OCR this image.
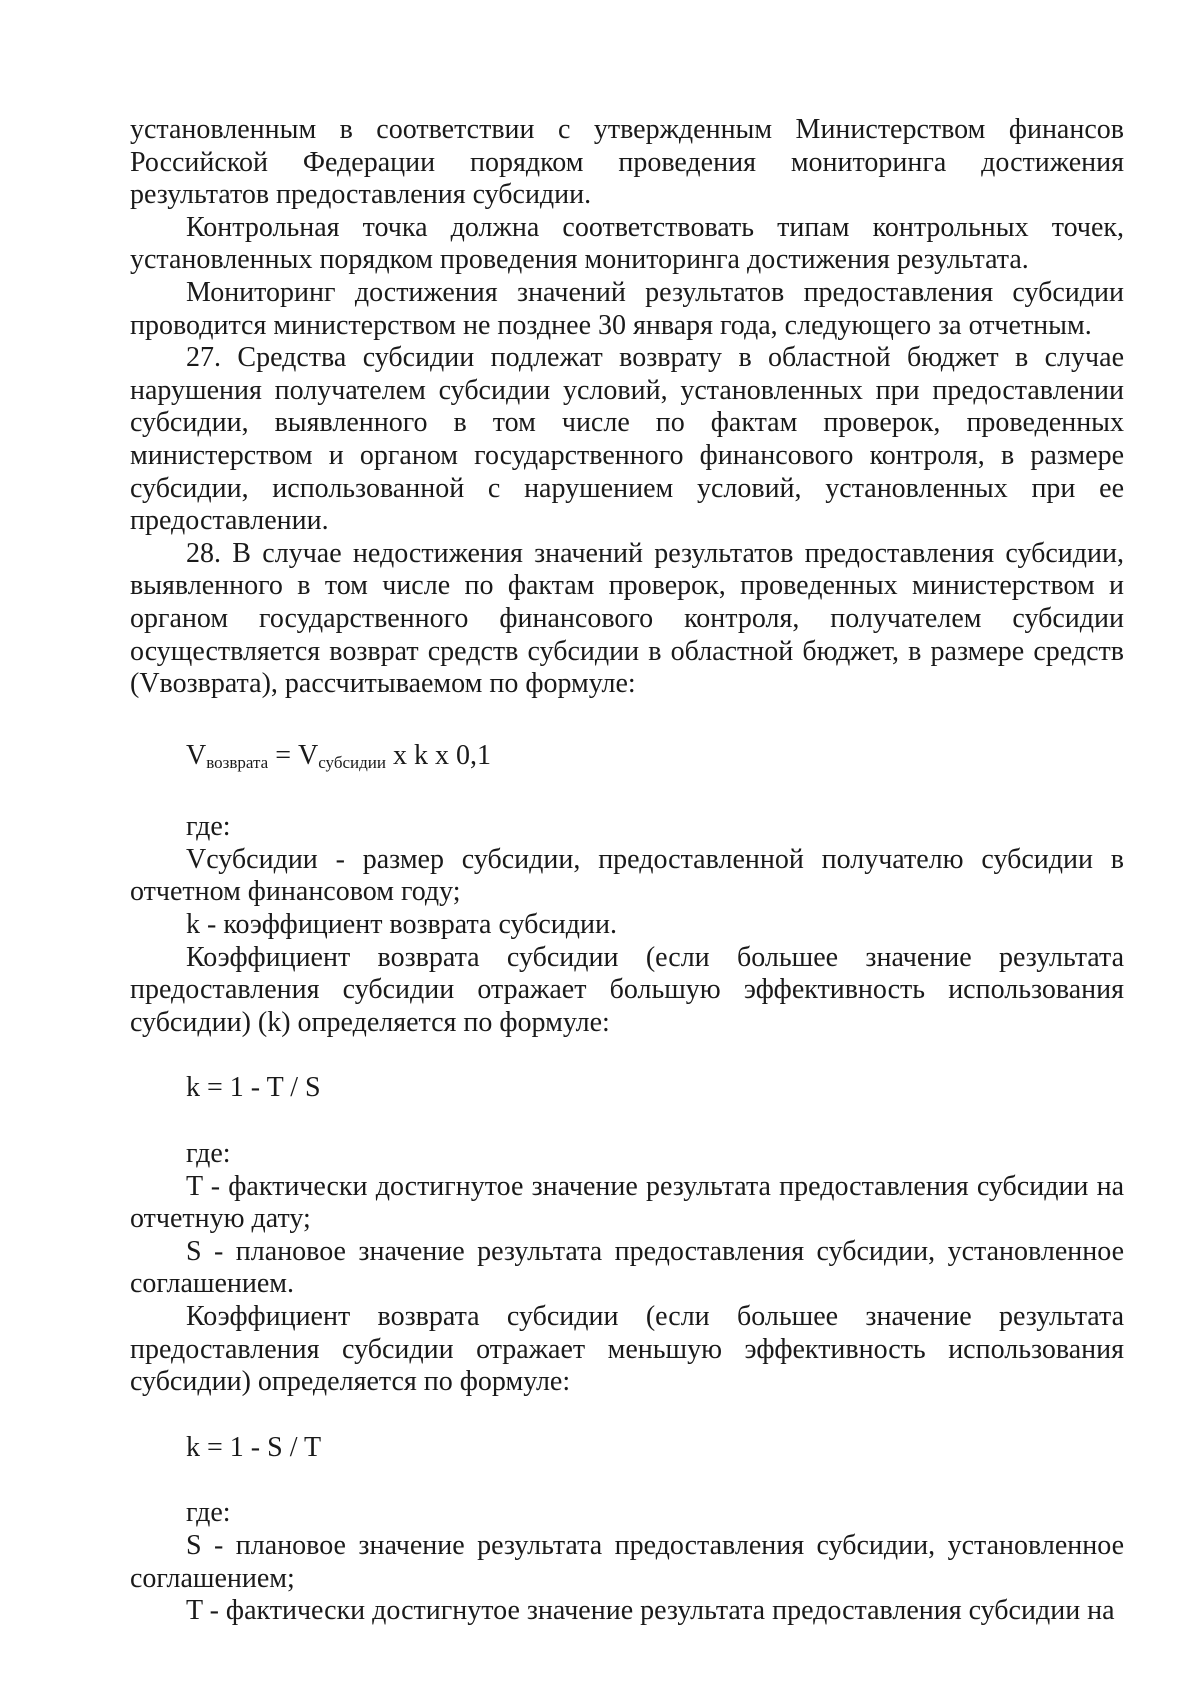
установленным в соответствии с утвержденным Министерством финансов Российской Федерации порядком проведения мониторинга достижения результатов предоставления субсидии.

Контрольная точка должна соответствовать типам контрольных точек, установленных порядком проведения мониторинга достижения результата.

Мониторинг достижения значений результатов предоставления субсидии проводится министерством не позднее 30 января года, следующего за отчетным.

27. Средства субсидии подлежат возврату в областной бюджет в случае нарушения получателем субсидии условий, установленных при предоставлении субсидии, выявленного в том числе по фактам проверок, проведенных министерством и органом государственного финансового контроля, в размере субсидии, использованной с нарушением условий, установленных при ее предоставлении.

28. В случае недостижения значений результатов предоставления субсидии, выявленного в том числе по фактам проверок, проведенных министерством и органом государственного финансового контроля, получателем субсидии осуществляется возврат средств субсидии в областной бюджет, в размере средств (Vвозврата), рассчитываемом по формуле:

$V_{возврата} = V_{субсидии}$ x k x 0,1

где:

Vсубсидии - размер субсидии, предоставленной получателю субсидии в отчетном финансовом году;

k - коэффициент возврата субсидии.

Коэффициент возврата субсидии (если большее значение результата предоставления субсидии отражает большую эффективность использования субсидии) (k) определяется по формуле:

k = 1 - T / S

где:

T - фактически достигнутое значение результата предоставления субсидии на отчетную дату;

S - плановое значение результата предоставления субсидии, установленное соглашением.

Коэффициент возврата субсидии (если большее значение результата предоставления субсидии отражает меньшую эффективность использования субсидии) определяется по формуле:

k = 1 - S / T

где:

S - плановое значение результата предоставления субсидии, установленное соглашением;

T - фактически достигнутое значение результата предоставления субсидии на
